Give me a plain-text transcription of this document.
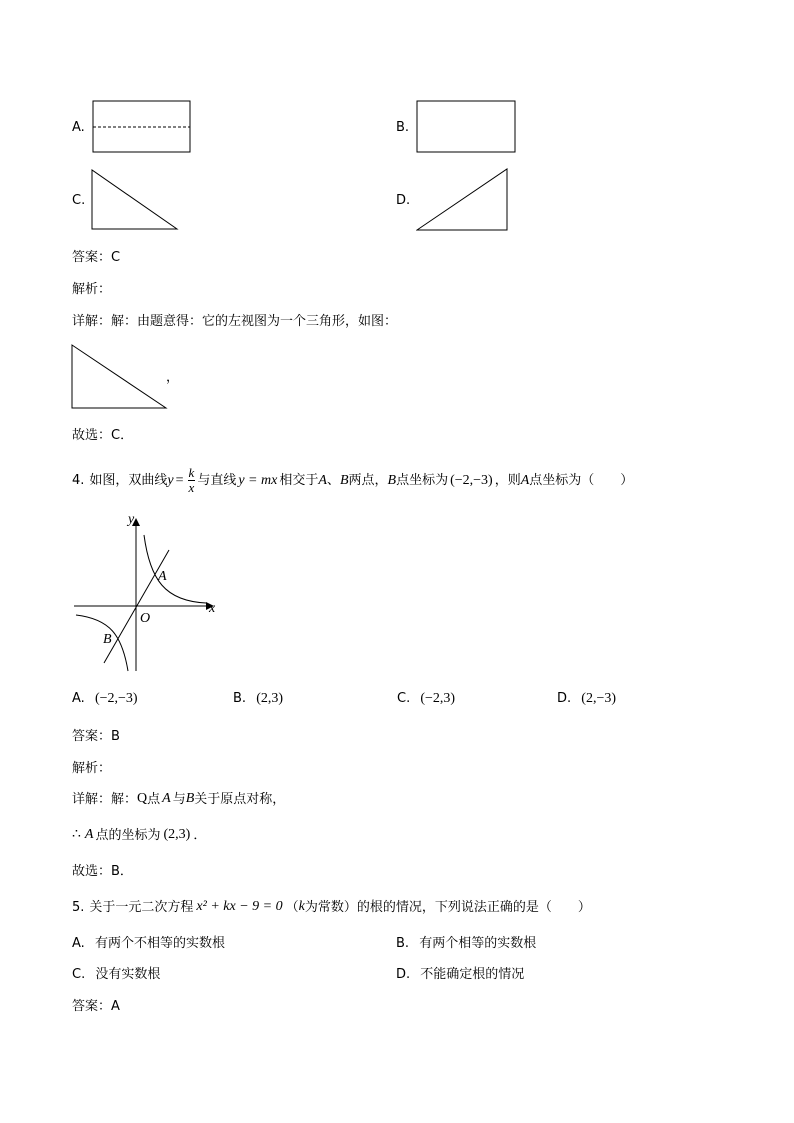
A.	B.
C.	D.
答案：C
解析：
详解：解：由题意得：它的左视图为一个三角形，如图：
，
故选：C．
4. 如图，双曲线 $y = \frac{k}{x}$ 与直线 y = mx 相交于 A 、 B 两点， B 点坐标为 (−2,−3) ，则 A 点坐标为（　　）
y
x
O
A
B
A. (−2,−3)	B. (2,3)	C. (−2,3)	D. (2,−3)
答案：B
解析：
详解：解： Q 点 A 与 B 关于原点对称，
∴ A 点的坐标为 (2,3) ．
故选：B．
5. 关于一元二次方程 x² + kx − 9 = 0 （ k 为常数）的根的情况，下列说法正确的是（　　）
A. 有两个不相等的实数根	B. 有两个相等的实数根
C. 没有实数根	D. 不能确定根的情况
答案：A
